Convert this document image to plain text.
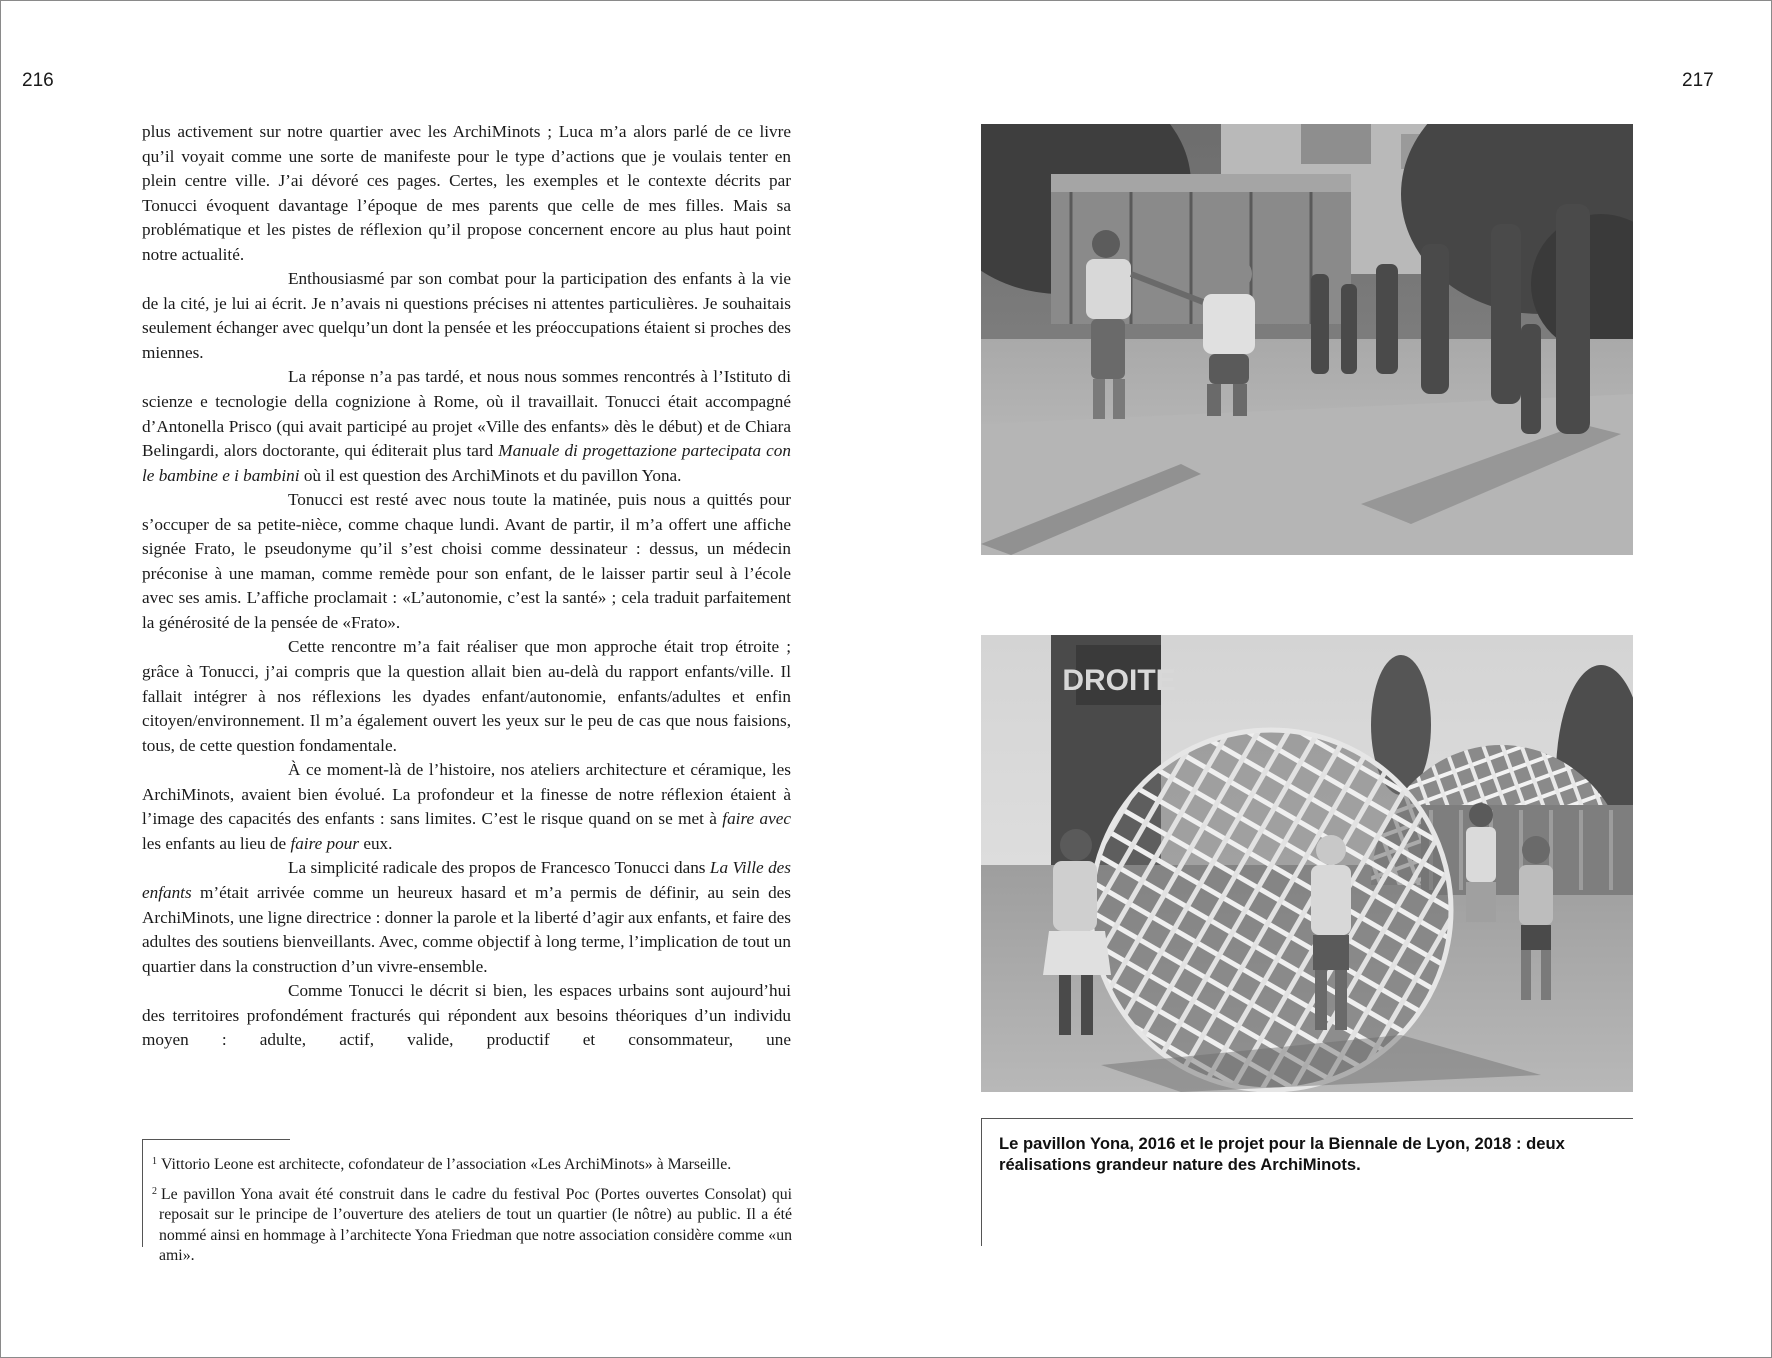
216	217

plus activement sur notre quartier avec les ArchiMinots ; Luca m’a alors parlé de ce livre qu’il voyait comme une sorte de manifeste pour le type d’actions que je voulais tenter en plein centre ville. J’ai dévoré ces pages. Certes, les exemples et le contexte décrits par Tonucci évoquent davantage l’époque de mes parents que celle de mes filles. Mais sa problématique et les pistes de réflexion qu’il propose concernent encore au plus haut point notre actualité.

Enthousiasmé par son combat pour la participation des enfants à la vie de la cité, je lui ai écrit. Je n’avais ni questions précises ni attentes particulières. Je souhaitais seulement échanger avec quelqu’un dont la pensée et les préoccupations étaient si proches des miennes.

La réponse n’a pas tardé, et nous nous sommes rencontrés à l’Istituto di scienze e tecnologie della cognizione à Rome, où il travaillait. Tonucci était accompagné d’Antonella Prisco (qui avait participé au projet «Ville des enfants» dès le début) et de Chiara Belingardi, alors doctorante, qui éditerait plus tard Manuale di progettazione partecipata con le bambine e i bambini où il est question des ArchiMinots et du pavillon Yona.

Tonucci est resté avec nous toute la matinée, puis nous a quittés pour s’occuper de sa petite-nièce, comme chaque lundi. Avant de partir, il m’a offert une affiche signée Frato, le pseudonyme qu’il s’est choisi comme dessinateur : dessus, un médecin préconise à une maman, comme remède pour son enfant, de le laisser partir seul à l’école avec ses amis. L’affiche proclamait : «L’autonomie, c’est la santé» ; cela traduit parfaitement la générosité de la pensée de «Frato».

Cette rencontre m’a fait réaliser que mon approche était trop étroite ; grâce à Tonucci, j’ai compris que la question allait bien au-delà du rapport enfants/ville. Il fallait intégrer à nos réflexions les dyades enfant/autonomie, enfants/adultes et enfin citoyen/environnement. Il m’a également ouvert les yeux sur le peu de cas que nous faisions, tous, de cette question fondamentale.

À ce moment-là de l’histoire, nos ateliers architecture et céramique, les ArchiMinots, avaient bien évolué. La profondeur et la finesse de notre réflexion étaient à l’image des capacités des enfants : sans limites. C’est le risque quand on se met à faire avec les enfants au lieu de faire pour eux.

La simplicité radicale des propos de Francesco Tonucci dans La Ville des enfants m’était arrivée comme un heureux hasard et m’a permis de définir, au sein des ArchiMinots, une ligne directrice : donner la parole et la liberté d’agir aux enfants, et faire des adultes des soutiens bienveillants. Avec, comme objectif à long terme, l’implication de tout un quartier dans la construction d’un vivre-ensemble.

Comme Tonucci le décrit si bien, les espaces urbains sont aujourd’hui des territoires profondément fracturés qui répondent aux besoins théoriques d’un individu moyen : adulte, actif, valide, productif et consommateur, une

$^1$ Vittorio Leone est architecte, cofondateur de l’association «Les ArchiMinots» à Marseille.

$^2$ Le pavillon Yona avait été construit dans le cadre du festival Poc (Portes ouvertes Consolat) qui reposait sur le principe de l’ouverture des ateliers de tout un quartier (le nôtre) au public. Il a été nommé ainsi en hommage à l’architecte Yona Friedman que notre association considère comme «un ami».

DROITE
Le pavillon Yona, 2016 et le projet pour la Biennale de Lyon, 2018 : deux réalisations grandeur nature des ArchiMinots.
